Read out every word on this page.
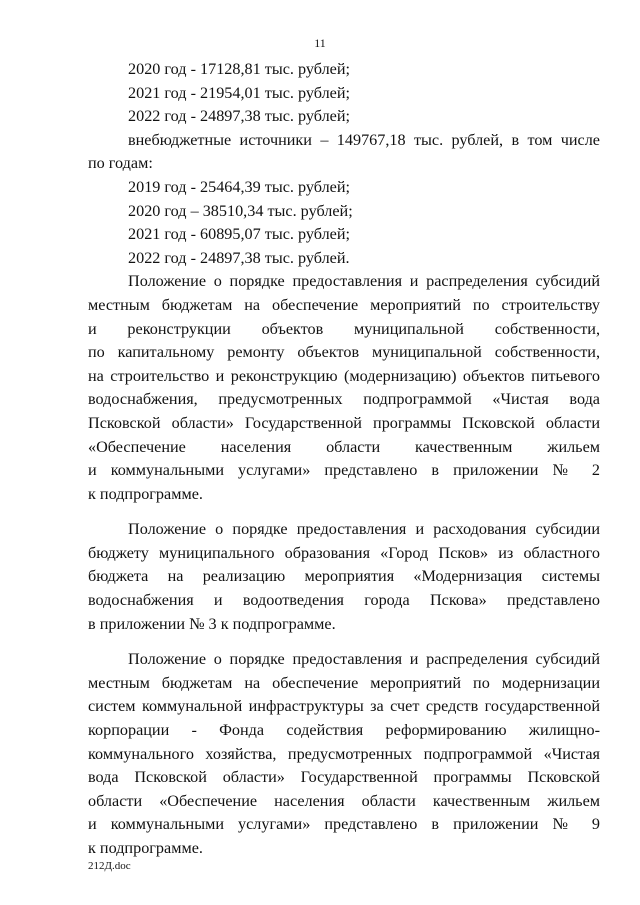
11
2020 год - 17128,81 тыс. рублей;
2021 год - 21954,01 тыс. рублей;
2022 год - 24897,38 тыс. рублей;
внебюджетные источники – 149767,18 тыс. рублей, в том числе
по годам:
2019 год - 25464,39 тыс. рублей;
2020 год – 38510,34 тыс. рублей;
2021 год - 60895,07 тыс. рублей;
2022 год - 24897,38 тыс. рублей.
Положение о порядке предоставления и распределения субсидий
местным бюджетам на обеспечение мероприятий по строительству
и реконструкции объектов муниципальной собственности,
по капитальному ремонту объектов муниципальной собственности,
на строительство и реконструкцию (модернизацию) объектов питьевого
водоснабжения, предусмотренных подпрограммой «Чистая вода
Псковской области» Государственной программы Псковской области
«Обеспечение населения области качественным жильем
и коммунальными услугами» представлено в приложении № 2
к подпрограмме.
Положение о порядке предоставления и расходования субсидии
бюджету муниципального образования «Город Псков» из областного
бюджета на реализацию мероприятия «Модернизация системы
водоснабжения и водоотведения города Пскова» представлено
в приложении № 3 к подпрограмме.
Положение о порядке предоставления и распределения субсидий
местным бюджетам на обеспечение мероприятий по модернизации
систем коммунальной инфраструктуры за счет средств государственной
корпорации - Фонда содействия реформированию жилищно-
коммунального хозяйства, предусмотренных подпрограммой «Чистая
вода Псковской области» Государственной программы Псковской
области «Обеспечение населения области качественным жильем
и коммунальными услугами» представлено в приложении № 9
к подпрограмме.
212Д.doc
